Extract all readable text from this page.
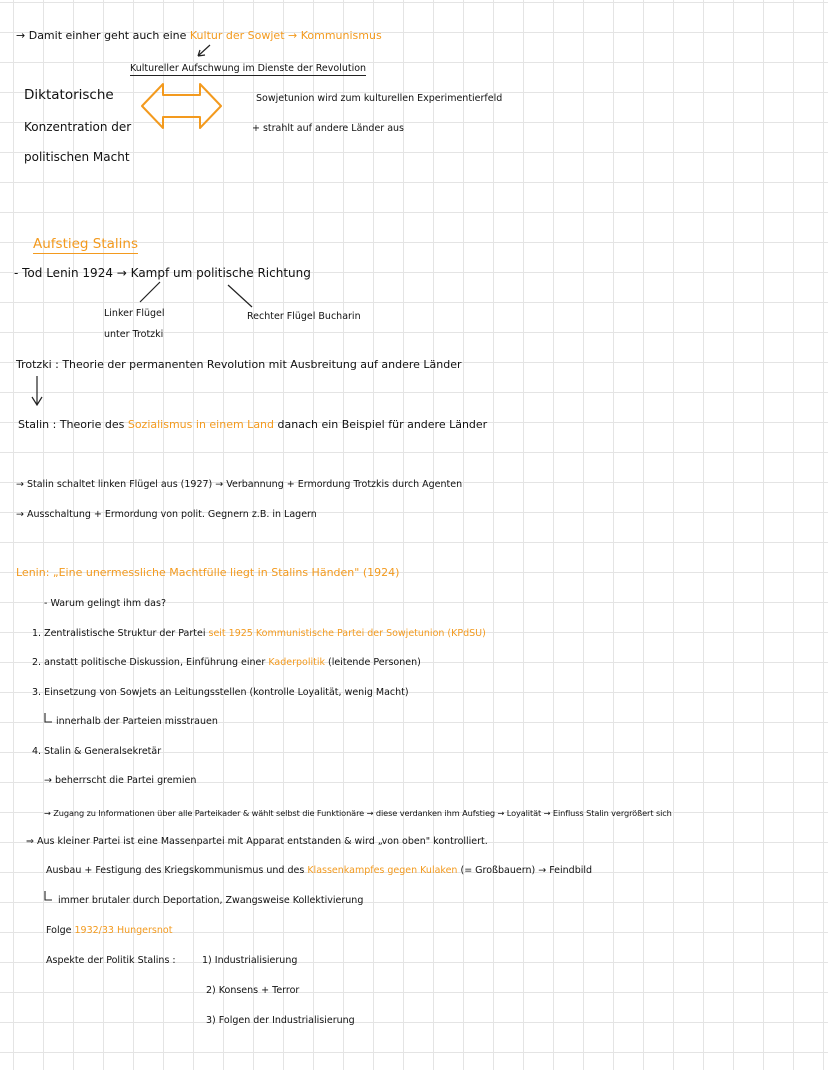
→ Damit einher geht auch eine Kultur der Sowjet → Kommunismus
Kultureller Aufschwung im Dienste der Revolution
Diktatorische
Konzentration der
politischen Macht
Sowjetunion wird zum kulturellen Experimentierfeld
+ strahlt auf andere Länder aus
Aufstieg Stalins
- Tod Lenin 1924 → Kampf um politische Richtung
Linker Flügel
unter Trotzki
Rechter Flügel Bucharin
Trotzki : Theorie der permanenten Revolution mit Ausbreitung auf andere Länder
Stalin : Theorie des Sozialismus in einem Land danach ein Beispiel für andere Länder
→ Stalin schaltet linken Flügel aus (1927) → Verbannung + Ermordung Trotzkis durch Agenten
→ Ausschaltung + Ermordung von polit. Gegnern z.B. in Lagern
Lenin: „Eine unermessliche Machtfülle liegt in Stalins Händen" (1924)
- Warum gelingt ihm das?
1. Zentralistische Struktur der Partei seit 1925 Kommunistische Partei der Sowjetunion (KPdSU)
2. anstatt politische Diskussion, Einführung einer Kaderpolitik (leitende Personen)
3. Einsetzung von Sowjets an Leitungsstellen (kontrolle Loyalität, wenig Macht)
innerhalb der Parteien misstrauen
4. Stalin & Generalsekretär
→ beherrscht die Partei gremien
→ Zugang zu Informationen über alle Parteikader & wählt selbst die Funktionäre → diese verdanken ihm Aufstieg → Loyalität → Einfluss Stalin vergrößert sich
⇒ Aus kleiner Partei ist eine Massenpartei mit Apparat entstanden & wird „von oben" kontrolliert.
Ausbau + Festigung des Kriegskommunismus und des Klassenkampfes gegen Kulaken (= Großbauern) → Feindbild
immer brutaler durch Deportation, Zwangsweise Kollektivierung
Folge 1932/33 Hungersnot
Aspekte der Politik Stalins :	1) Industrialisierung
2) Konsens + Terror
3) Folgen der Industrialisierung
